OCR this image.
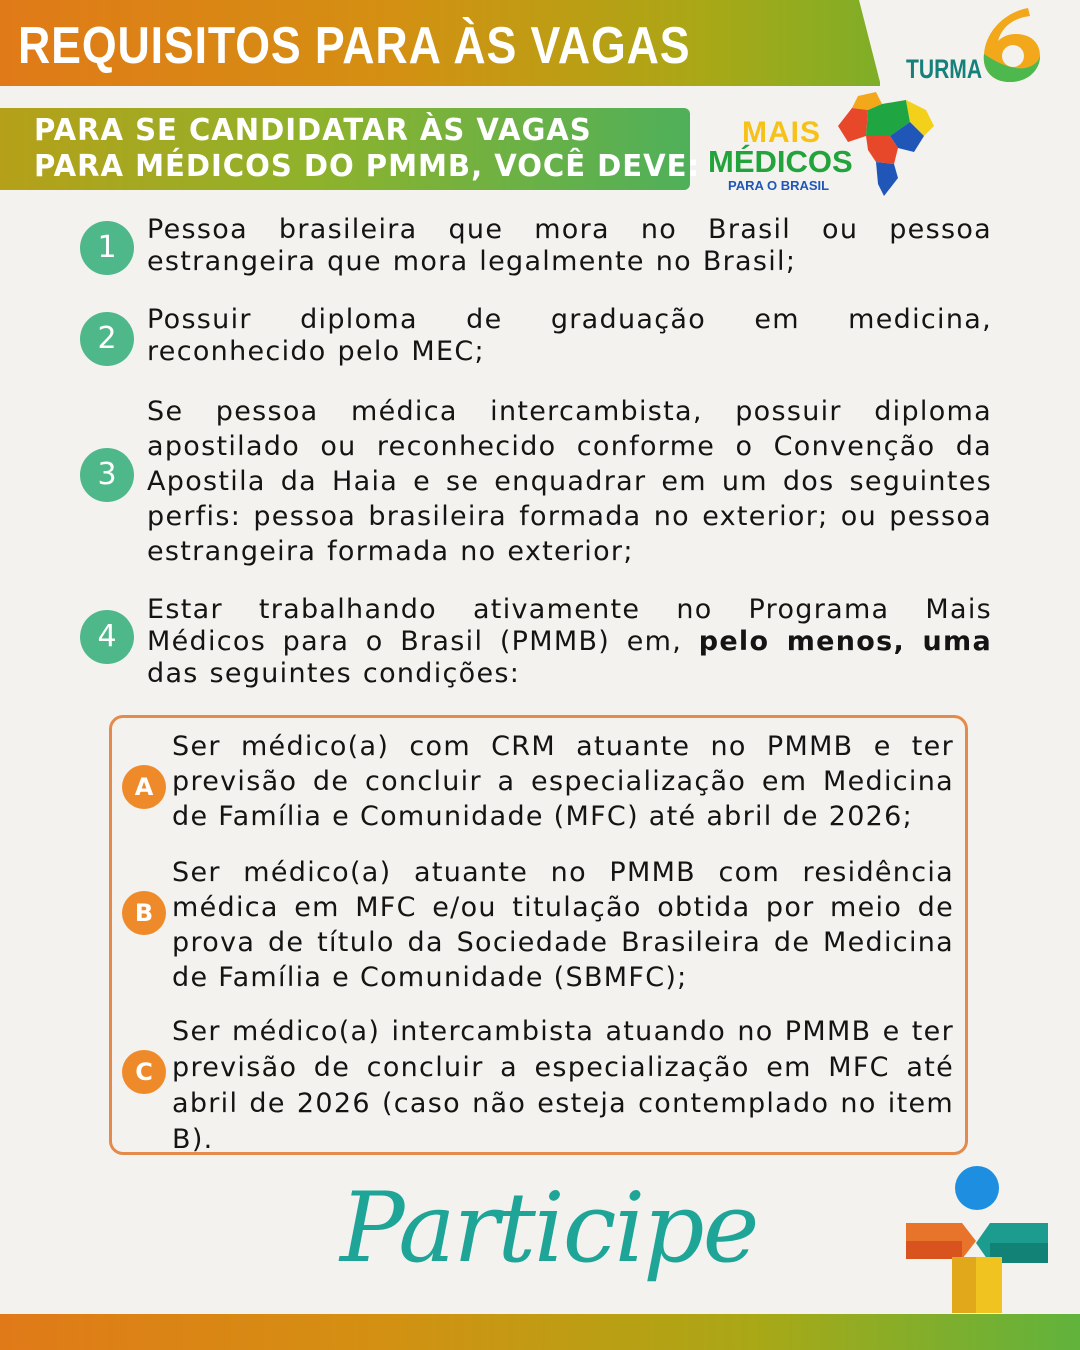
REQUISITOS PARA ÀS VAGAS	TURMA	6
PARA SE CANDIDATAR ÀS VAGAS
PARA MÉDICOS DO PMMB, VOCÊ DEVE:
MAIS
MÉDICOS
PARA O BRASIL
1
Pessoa brasileira que mora no Brasil ou pessoa estrangeira que mora legalmente no Brasil;
2
Possuir diploma de graduação em medicina, reconhecido pelo MEC;
3
Se pessoa médica intercambista, possuir diploma apostilado ou reconhecido conforme o Convenção da Apostila da Haia e se enquadrar em um dos seguintes perfis: pessoa brasileira formada no exterior; ou pessoa estrangeira formada no exterior;
4
Estar trabalhando ativamente no Programa Mais Médicos para o Brasil (PMMB) em, pelo menos, uma das seguintes condições:
A
Ser médico(a) com CRM atuante no PMMB e ter previsão de concluir a especialização em Medicina de Família e Comunidade (MFC) até abril de 2026;
B
Ser médico(a) atuante no PMMB com residência médica em MFC e/ou titulação obtida por meio de prova de título da Sociedade Brasileira de Medicina de Família e Comunidade (SBMFC);
C
Ser médico(a) intercambista atuando no PMMB e ter previsão de concluir a especialização em MFC até abril de 2026 (caso não esteja contemplado no item B).
Participe
